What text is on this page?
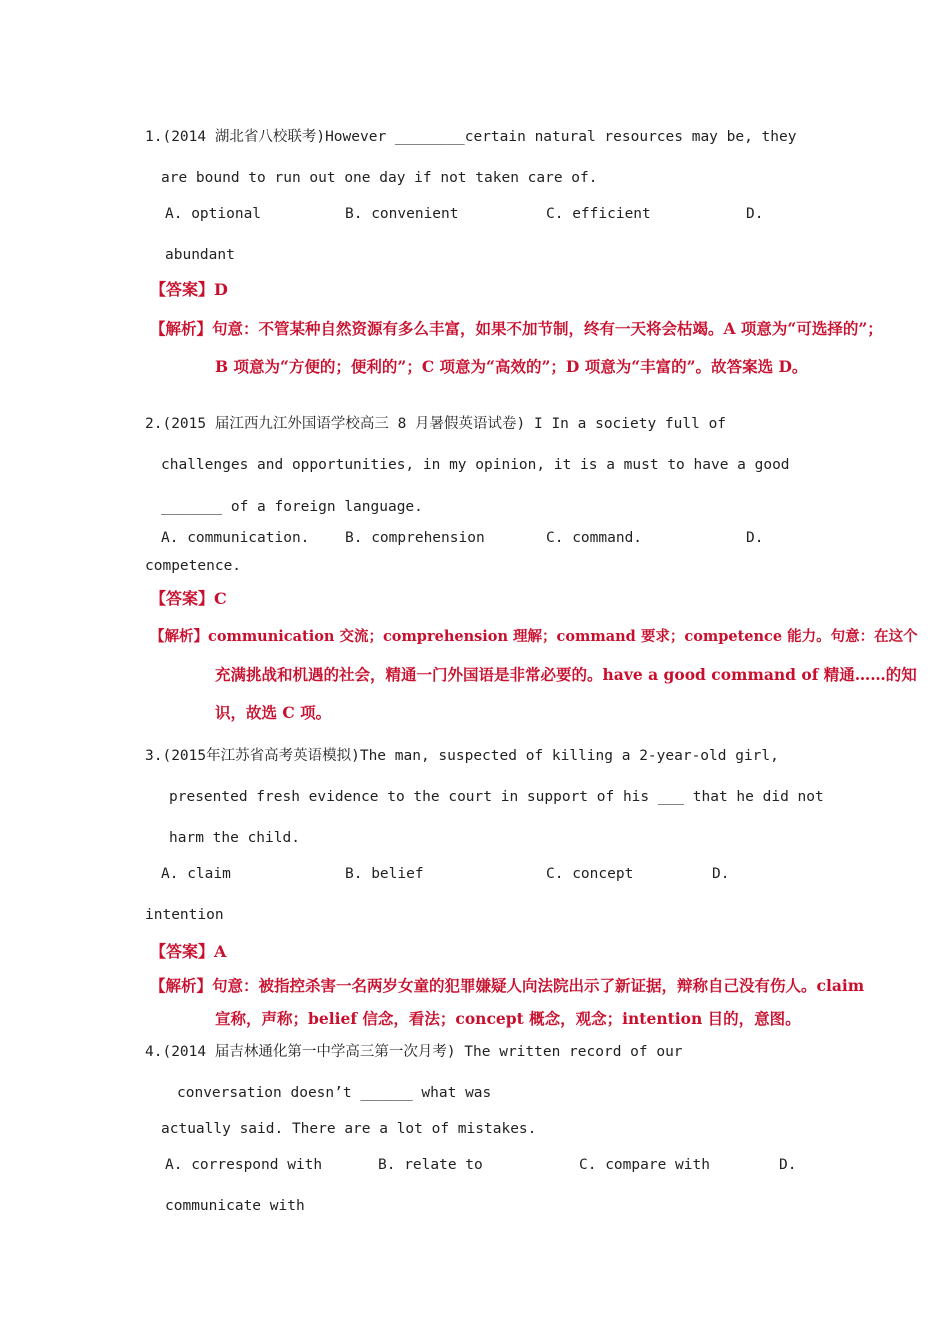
1.(2014 湖北省八校联考)However ________certain natural resources may be, they
are bound to run out one day if not taken care of.
A. optional	B. convenient	C. efficient	D.
abundant
【答案】D
【解析】句意：不管某种自然资源有多么丰富，如果不加节制，终有一天将会枯竭。A 项意为“可选择的”；
B 项意为“方便的；便利的”；C 项意为“高效的”；D 项意为“丰富的”。故答案选 D。
2.(2015 届江西九江外国语学校高三 8 月暑假英语试卷) I In a society full of
challenges and opportunities, in my opinion, it is a must to have a good
_______ of a foreign language.
A. communication. B. comprehension	C. command.	D.
competence.
【答案】C
【解析】communication 交流；comprehension 理解；command 要求；competence 能力。句意：在这个
充满挑战和机遇的社会，精通一门外国语是非常必要的。have a good command of 精通……的知
识，故选 C 项。
3.(2015年江苏省高考英语模拟)The man, suspected of killing a 2-year-old girl,
presented fresh evidence to the court in support of his ___ that he did not
harm the child.
A. claim	B. belief	C. concept	D.
intention
【答案】A
【解析】句意：被指控杀害一名两岁女童的犯罪嫌疑人向法院出示了新证据，辩称自己没有伤人。claim
宣称，声称；belief 信念，看法；concept 概念，观念；intention 目的，意图。
4.(2014 届吉林通化第一中学高三第一次月考) The written record of our
conversation doesn’t ______ what was
actually said. There are a lot of mistakes.
A. correspond with	B. relate to	C. compare with	D.
communicate with
